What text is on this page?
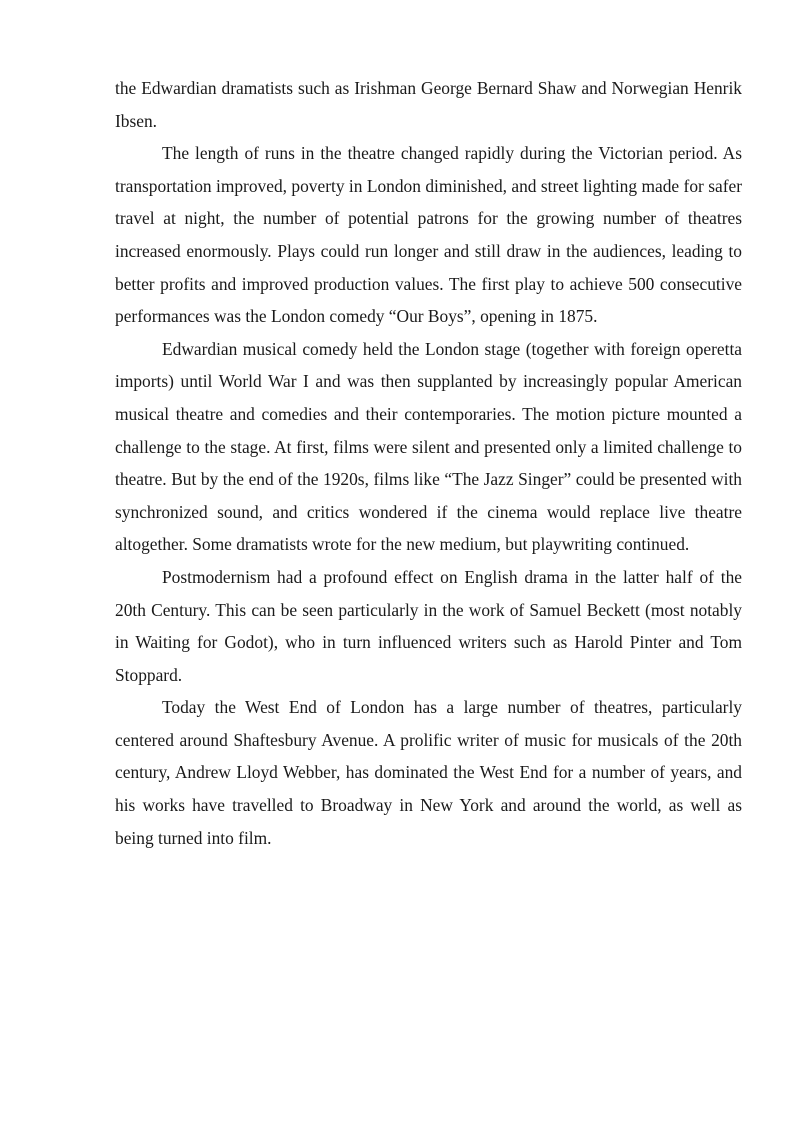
the Edwardian dramatists such as Irishman George Bernard Shaw and Norwegian Henrik Ibsen.

The length of runs in the theatre changed rapidly during the Victorian period. As transportation improved, poverty in London diminished, and street lighting made for safer travel at night, the number of potential patrons for the growing number of theatres increased enormously. Plays could run longer and still draw in the audiences, leading to better profits and improved production values. The first play to achieve 500 consecutive performances was the London comedy “Our Boys”, opening in 1875.

Edwardian musical comedy held the London stage (together with foreign operetta imports) until World War I and was then supplanted by increasingly popular American musical theatre and comedies and their contemporaries. The motion picture mounted a challenge to the stage. At first, films were silent and presented only a limited challenge to theatre. But by the end of the 1920s, films like “The Jazz Singer” could be presented with synchronized sound, and critics wondered if the cinema would replace live theatre altogether. Some dramatists wrote for the new medium, but playwriting continued.

Postmodernism had a profound effect on English drama in the latter half of the 20th Century. This can be seen particularly in the work of Samuel Beckett (most notably in Waiting for Godot), who in turn influenced writers such as Harold Pinter and Tom Stoppard.

Today the West End of London has a large number of theatres, particularly centered around Shaftesbury Avenue. A prolific writer of music for musicals of the 20th century, Andrew Lloyd Webber, has dominated the West End for a number of years, and his works have travelled to Broadway in New York and around the world, as well as being turned into film.
